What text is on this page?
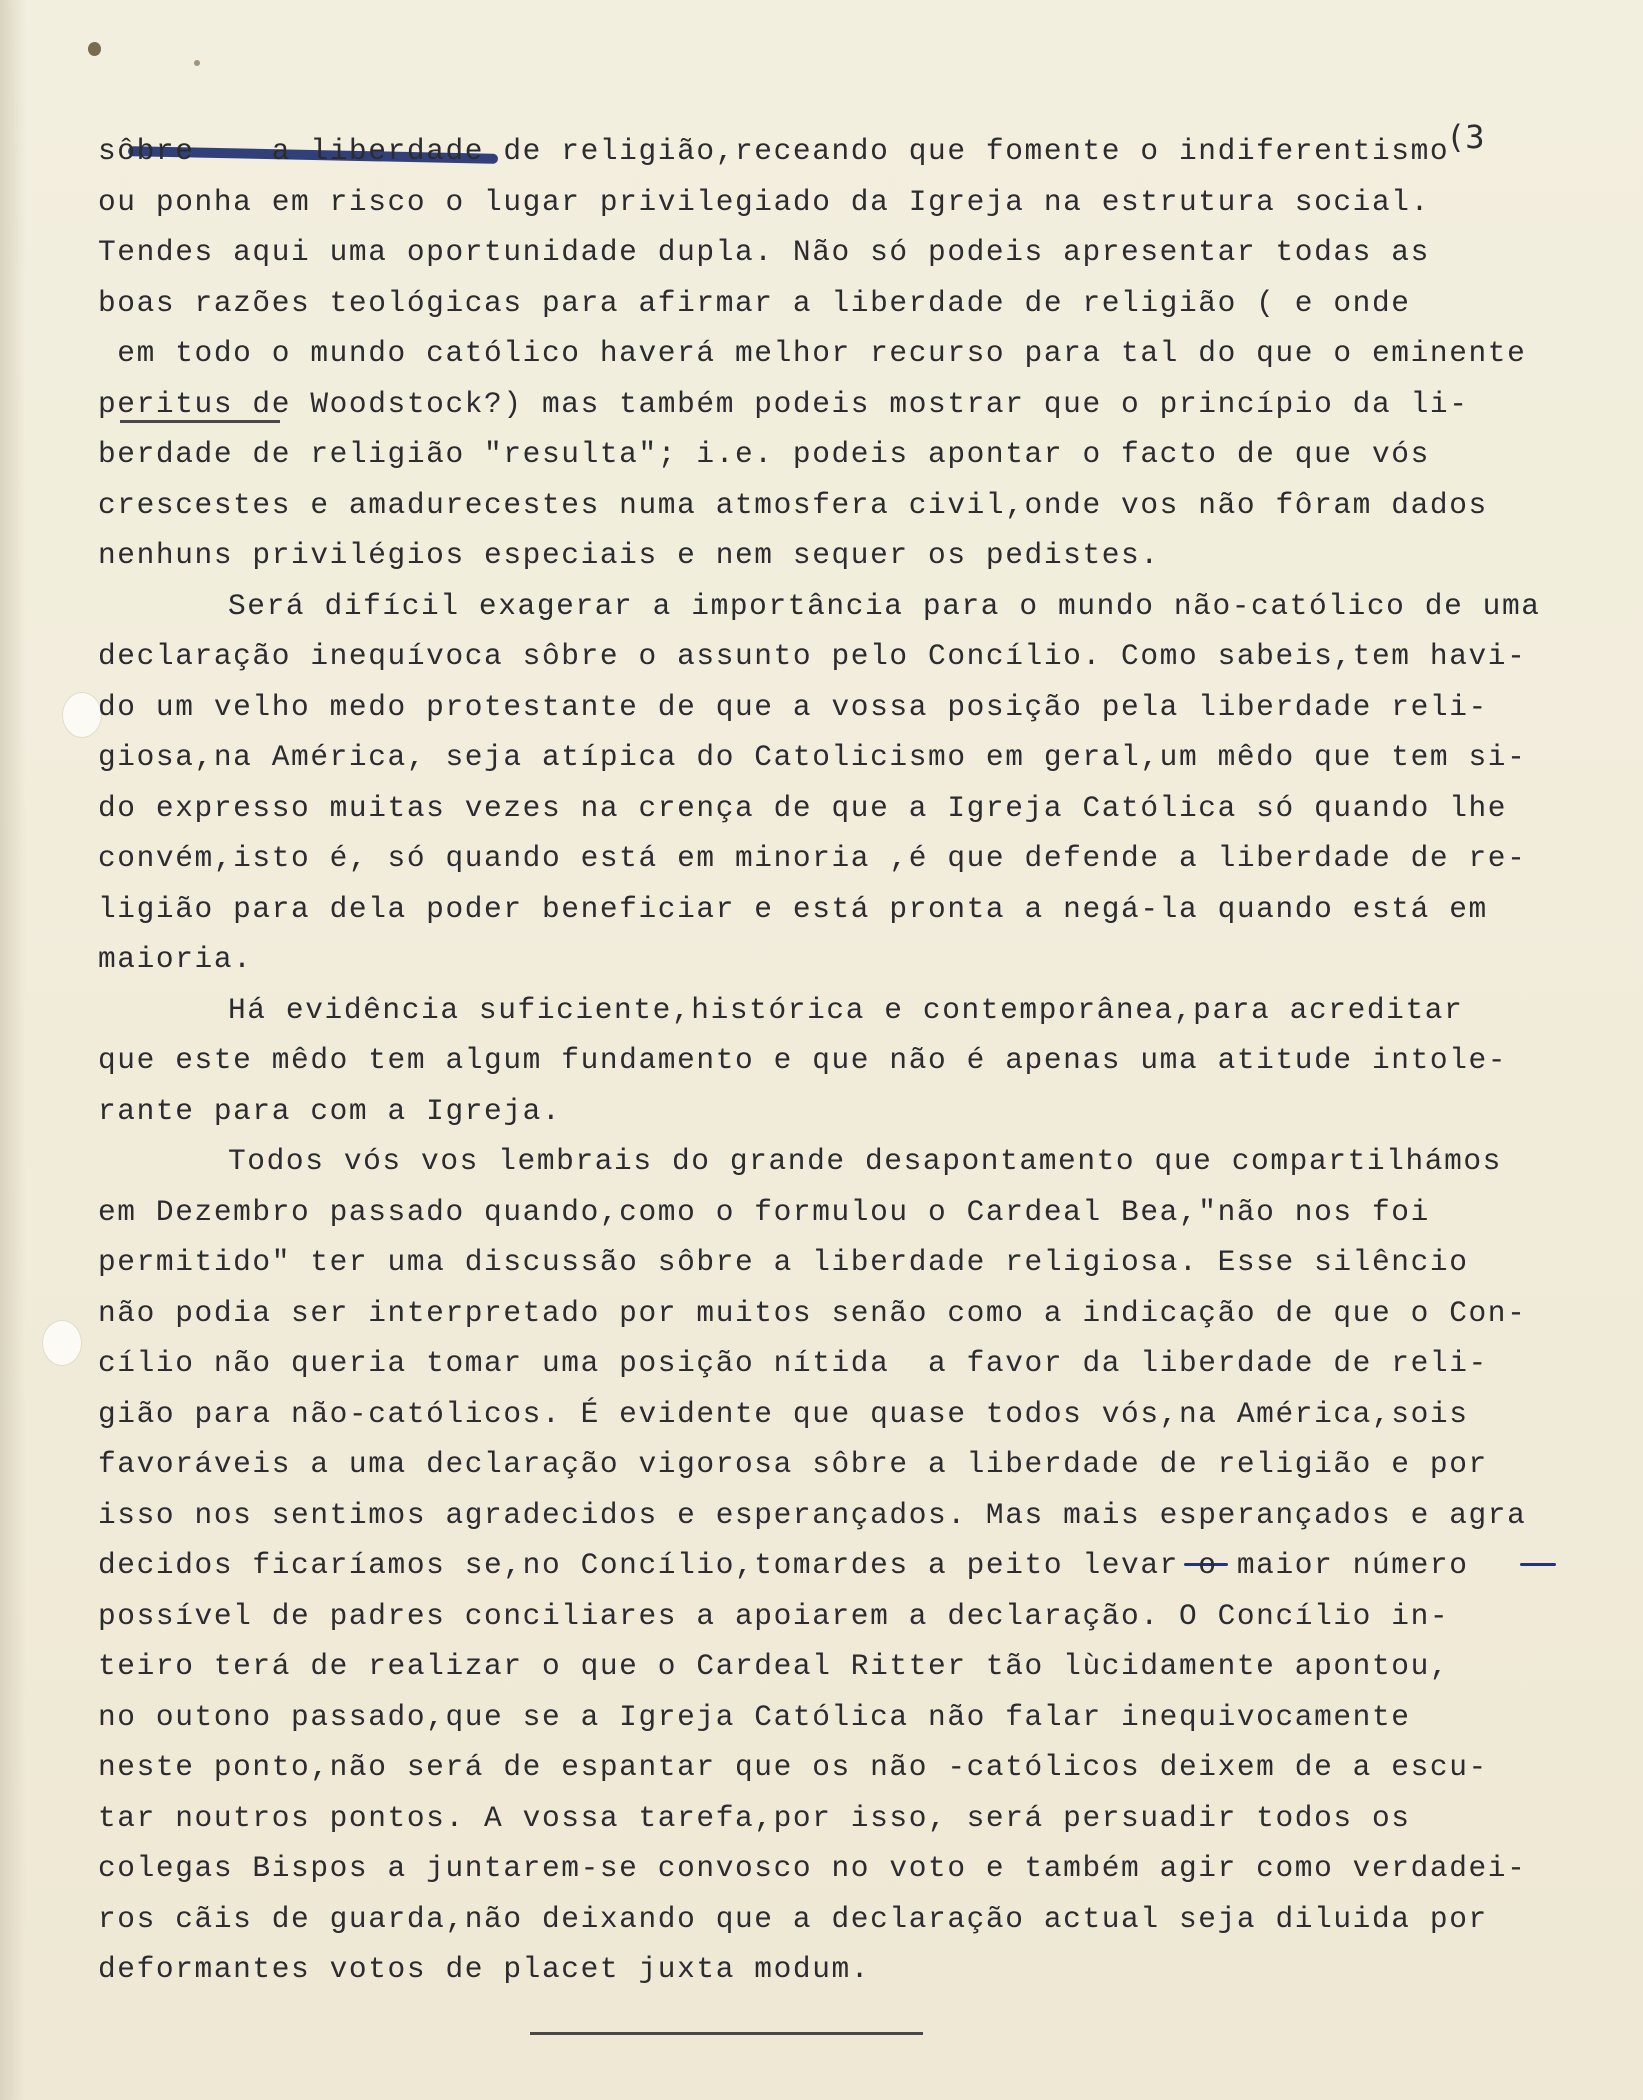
(3
sôbre    a liberdade de religião,receando que fomente o indiferentismo
ou ponha em risco o lugar privilegiado da Igreja na estrutura social.
Tendes aqui uma oportunidade dupla. Não só podeis apresentar todas as
boas razões teológicas para afirmar a liberdade de religião ( e onde
em todo o mundo católico haverá melhor recurso para tal do que o eminente
peritus de Woodstock?) mas também podeis mostrar que o princípio da li-
berdade de religião "resulta"; i.e. podeis apontar o facto de que vós
crescestes e amadurecestes numa atmosfera civil,onde vos não fôram dados
nenhuns privilégios especiais e nem sequer os pedistes.
Será difícil exagerar a importância para o mundo não-católico de uma
declaração inequívoca sôbre o assunto pelo Concílio. Como sabeis,tem havi-
do um velho medo protestante de que a vossa posição pela liberdade reli-
giosa,na América, seja atípica do Catolicismo em geral,um mêdo que tem si-
do expresso muitas vezes na crença de que a Igreja Católica só quando lhe
convém,isto é, só quando está em minoria ,é que defende a liberdade de re-
ligião para dela poder beneficiar e está pronta a negá-la quando está em
maioria.
Há evidência suficiente,histórica e contemporânea,para acreditar
que este mêdo tem algum fundamento e que não é apenas uma atitude intole-
rante para com a Igreja.
Todos vós vos lembrais do grande desapontamento que compartilhámos
em Dezembro passado quando,como o formulou o Cardeal Bea,"não nos foi
permitido" ter uma discussão sôbre a liberdade religiosa. Esse silêncio
não podia ser interpretado por muitos senão como a indicação de que o Con-
cílio não queria tomar uma posição nítida  a favor da liberdade de reli-
gião para não-católicos. É evidente que quase todos vós,na América,sois
favoráveis a uma declaração vigorosa sôbre a liberdade de religião e por
isso nos sentimos agradecidos e esperançados. Mas mais esperançados e agra
decidos ficaríamos se,no Concílio,tomardes a peito levar o maior número
possível de padres conciliares a apoiarem a declaração. O Concílio in-
teiro terá de realizar o que o Cardeal Ritter tão lùcidamente apontou,
no outono passado,que se a Igreja Católica não falar inequivocamente
neste ponto,não será de espantar que os não -católicos deixem de a escu-
tar noutros pontos. A vossa tarefa,por isso, será persuadir todos os
colegas Bispos a juntarem-se convosco no voto e também agir como verdadei-
ros cãis de guarda,não deixando que a declaração actual seja diluida por
deformantes votos de placet juxta modum.
